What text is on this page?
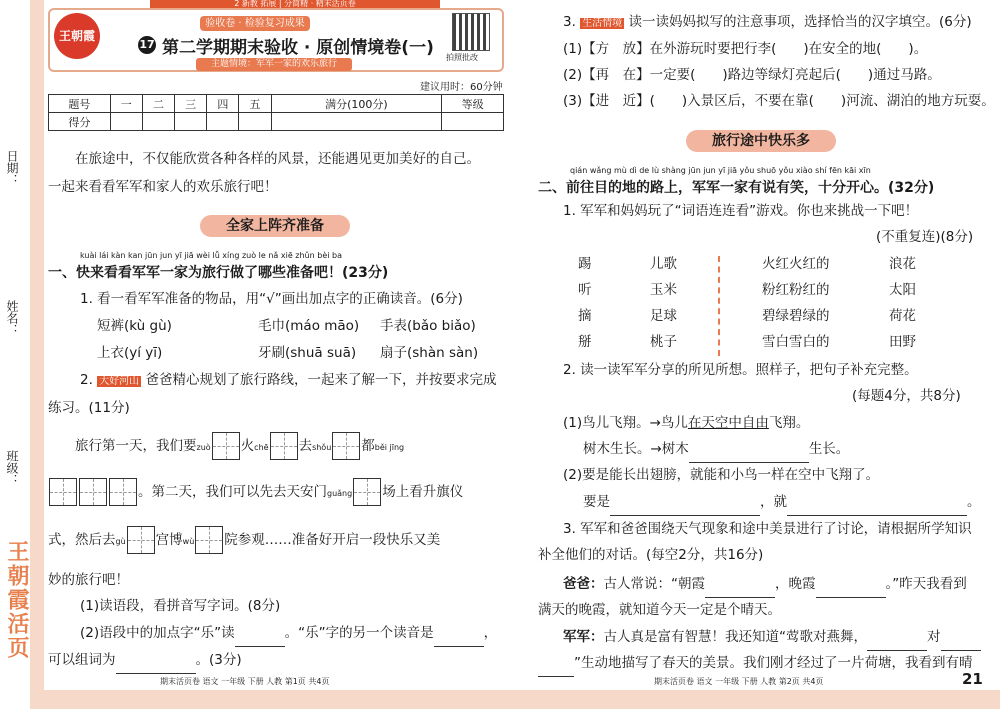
日期：
姓名：
班级：
王朝霞活页
2 新教 拓展 | 分简精 · 精末活页卷
王朝霞
验收卷 · 检验复习成果
17 第二学期期末验收 · 原创情境卷(一)
主题情境：军军一家的欢乐旅行
拍照批改
建议用时：60分钟
题号	一	二	三	四	五	满分(100分)	等级
得分							
在旅途中，不仅能欣赏各种各样的风景，还能遇见更加美好的自己。
一起来看看军军和家人的欢乐旅行吧！
全家上阵齐准备
kuài lái kàn kan jūn jun yī jiā wèi lǚ xíng zuò le nǎ xiē zhǔn bèi ba
一、快来看看军军一家为旅行做了哪些准备吧！(23分)
1. 看一看军军准备的物品，用“√”画出加点字的正确读音。(6分)
短裤(kù gù)	毛巾(máo māo) 手表(bǎo biǎo)
上衣(yí yī)	牙刷(shuā suā) 扇子(shàn sàn)
2. 大好河山 爸爸精心规划了旅行路线，一起来了解一下，并按要求完成
练习。(11分)
旅行第一天，我们要zuò 火chē 去shǒu 都běi jīng
。第二天，我们可以先去天安门guǎng 场上看升旗仪
式，然后去gù 宫博wù 院参观……准备好开启一段快乐又美
妙的旅行吧！
(1)读语段，看拼音写字词。(8分)
(2)语段中的加点字“乐”读	。“乐”字的另一个读音是	，
可以组词为	。(3分)
期末活页卷 语文 一年级 下册 人教 第1页 共4页
3. 生活情境 读一读妈妈拟写的注意事项，选择恰当的汉字填空。(6分)
(1)【方　放】在外游玩时要把行李(　　)在安全的地(　　)。
(2)【再　在】一定要(　　)路边等绿灯亮起后(　　)通过马路。
(3)【进　近】(　　)入景区后，不要在靠(　　)河流、湖泊的地方玩耍。
旅行途中快乐多
qián wǎng mù dì de lù shàng jūn jun yī jiā yǒu shuō yǒu xiào shí fēn kāi xīn
二、前往目的地的路上，军军一家有说有笑，十分开心。(32分)
1. 军军和妈妈玩了“词语连连看”游戏。你也来挑战一下吧！
(不重复连)(8分)
踢	儿歌	火红火红的	浪花
听	玉米	粉红粉红的	太阳
摘	足球	碧绿碧绿的	荷花
掰	桃子	雪白雪白的	田野
2. 读一读军军分享的所见所想。照样子，把句子补充完整。
(每题4分，共8分)
(1)鸟儿飞翔。→鸟儿在天空中自由飞翔。
树木生长。→树木	生长。
(2)要是能长出翅膀，就能和小鸟一样在空中飞翔了。
要是	，就	。
3. 军军和爸爸围绕天气现象和途中美景进行了讨论，请根据所学知识
补全他们的对话。(每空2分，共16分)
爸爸：古人常说：“朝霞	，晚霞	。”昨天我看到
满天的晚霞，就知道今天一定是个晴天。
军军：古人真是富有智慧！我还知道“莺歌对燕舞，	对
”生动地描写了春天的美景。我们刚才经过了一片荷塘，我看到有晴
期末活页卷 语文 一年级 下册 人教 第2页 共4页	21
